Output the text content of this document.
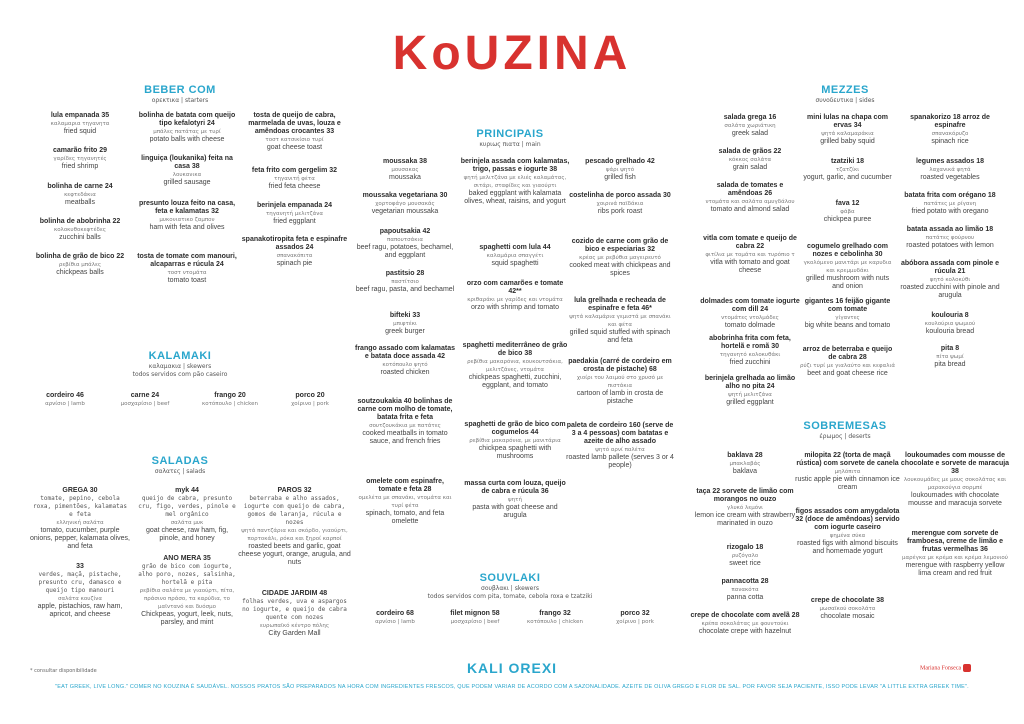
KoUZINA
BEBER COM
ορεκτικα | starters
KALAMAKI
καλαμακια | skewers
todos servidos com pão caseiro
SALADAS
σαλατες | salads
PRINCIPAIS
κυριως πιατα | main
SOUVLAKI
σουβλακι | skewers
todos servidos com pita, tomate, cebola roxa e tzatziki
MEZZES
συνοδευτικα | sides
SOBREMESAS
έρωμος | deserts
lula empanada 35
καλαμαρια τηγανητα
fried squid
camarão frito 29
γαρίδες τηγανητές
fried shrimp
bolinha de carne 24
κεφτεδάκια
meatballs
bolinha de abobrinha 22
κολοκυθοκεφτέδες
zucchini balls
bolinha de grão de bico 22
ρεβίθια μπάλες
chickpeas balls
bolinha de batata com queijo tipo kefalotyri 24
μπάλες πατάτας με τυρί
potato balls with cheese
linguiça (loukanika) feita na casa 38
λουκανικα
grilled sausage
presunto louza feito na casa, feta e kalamatas 32
μυκονιατικο ζαμπον
ham with feta and olives
tosta de tomate com manouri, alcaparras e rúcula 24
τοστ ντομάτα
tomato toast
tosta de queijo de cabra, marmelada de uvas, louza e amêndoas crocantes 33
τοστ κατσικίσιο τυρί
goat cheese toast
feta frito com gergelim 32
τηγανιτή φέτα
fried feta cheese
berinjela empanada 24
τηγανητή μελιτζάνα
fried eggplant
spanakotiropita feta e espinafre assados 24
σπανακόπιτα
spinach pie
cordeiro 46
αρνίσιο | lamb
carne 24
μοσχαρίσιο | beef
frango 20
κοτόπουλο | chicken
porco 20
χοίρινο | pork
GREGA 30
tomate, pepino, cebola roxa, pimentões, kalamatas e feta
ελληνική σαλάτα
tomato, cucumber, purple onions, pepper, kalamata olives, and feta
33
verdes, maçã, pistache, presunto cru, damasco e queijo tipo manouri
σαλάτα κουζίνα
apple, pistachios, raw ham, apricot, and cheese
myk 44
queijo de cabra, presunto cru, figo, verdes, pinole e mel orgânico
σαλάτα μυκ
goat cheese, raw ham, fig, pinole, and honey
ANO MERA 35
grão de bico com iogurte, alho poro, nozes, salsinha, hortelã e pita
ρεβίθια σαλάτα με γιαούρτι, πίτα, πράσινο πράσο, τα καρύδια, το μαϊντανό και δυόσμο
Chickpeas, yogurt, leek, nuts, parsley, and mint
PAROS 32
beterraba e alho assados, iogurte com queijo de cabra, gomos de laranja, rúcula e nozes
ψητά παντζάρια και σκόρδο, γιαούρτι, πορτοκάλι, ρόκα και ξηροί καρποί
roasted beets and garlic, goat cheese yogurt, orange, arugula, and nuts
CIDADE JARDIM 48
folhas verdes, uva e aspargos no iogurte, e queijo de cabra quente com nozes
ευρωπαϊκό κέντρο πόλης
City Garden Mall
moussaka 38
μουσακας
moussaka
moussaka vegetariana 30
χορτοφάγο μουσακάς
vegetarian moussaka
papoutsakia 42
παπουτσάκια
beef ragu, potatoes, bechamel, and eggplant
pastitsio 28
παστίτσιο
beef ragu, pasta, and bechamel
bifteki 33
μπιφτέκι
greek burger
frango assado com kalamatas e batata doce assada 42
κοτόπουλο ψητό
roasted chicken
soutzoukakia 40 bolinhas de carne com molho de tomate, batata frita e feta
σουτζουκάκια με πατάτες
cooked meatballs in tomato sauce, and french fries
omelete com espinafre, tomate e feta 28
ομελέτα με σπανάκι, ντομάτα και τυρί φέτα
spinach, tomato, and feta omelette
berinjela assada com kalamatas, trigo, passas e iogurte 38
ψητή μελιτζάνα με ελιές καλαμάτας, σιτάρι, σταφίδες και γιαούρτι
baked eggplant with kalamata olives, wheat, raisins, and yogurt
spaghetti com lula 44
καλαμάρια σπαγγέτι
squid spaghetti
orzo com camarões e tomate 42**
κριθαράκι με γαρίδες και ντομάτα
orzo with shrimp and tomato
spaghetti mediterrâneo de grão de bico 38
ρεβίθια μακαρόνια, κουκουτσάκια, μελιτζάνες, ντομάτα
chickpeas spaghetti, zucchini, eggplant, and tomato
spaghetti de grão de bico com cogumelos 44
ρεβίθια μακαρόνια, με μανιτάρια
chickpea spaghetti with mushrooms
massa curta com louza, queijo de cabra e rúcula 36
ψητή
pasta with goat cheese and arugula
pescado grelhado 42
ψάρι ψητό
grilled fish
costelinha de porco assada 30
χοιρινά παϊδάκια
ribs pork roast
cozido de carne com grão de bico e especiarias 32
κρέας με ρεβύθια μαγειρευτό
cooked meat with chickpeas and spices
lula grelhada e recheada de espinafre e feta 46*
ψητά καλαμάρια γεμιστά με σπανάκι και φέτα
grilled squid stuffed with spinach and feta
paedakia (carré de cordeiro em crosta de pistache) 68
χιοίρι του λαιμού στο χρυσό με πιστάκια
cartoon of lamb in crosta de pistache
paleta de cordeiro 160 (serve de 3 a 4 pessoas) com batatas e azeite de alho assado
ψητό αρνί παλέτα
roasted lamb pallete (serves 3 or 4 people)
cordeiro 68
αρνίσιο | lamb
filet mignon 58
μοσχαρίσιο | beef
frango 32
κοτόπουλο | chicken
porco 32
χοίρινο | pork
salada grega 16
σαλάτα χωριάτικη
greek salad
salada de grãos 22
κόκκος σαλάτα
grain salad
salada de tomates e amêndoas 26
ντομάτα και σαλάτα αμυγδάλου
tomato and almond salad
vitla com tomate e queijo de cabra 22
φιτίλια με τομάτα και τυρόπιο τ
vitla with tomato and goat cheese
dolmades com tomate iogurte com dill 24
ντομάτες ντολμάδες
tomato dolmade
abobrinha frita com feta, hortelã e romã 30
τηγανητό κολοκυθάκι
fried zucchini
berinjela grelhada ao limão alho no pita 24
ψητή μελιτζάνα
grilled eggplant
mini lulas na chapa com ervas 34
ψητά καλαμαράκια
grilled baby squid
tzatziki 18
τζατζίκι
yogurt, garlic, and cucumber
fava 12
φάβα
chickpea puree
cogumelo grelhado com nozes e cebolinha 30
γκολόμενο μανιτάρι με καρυδια και κρεμμυδάκι
grilled mushroom with nuts and onion
gigantes 16 feijão gigante com tomate
γίγαντες
big white beans and tomato
arroz de beterraba e queijo de cabra 28
ρύζι τυρί με γιαλαύτο και κεφαλιά
beet and goat cheese rice
spanakorizo 18 arroz de espinafre
σπανακόρυζο
spinach rice
legumes assados 18
λαχανικά ψητά
roasted vegetables
batata frita com orégano 18
πατάτες με ρίγανη
fried potato with oregano
batata assada ao limão 18
πατάτες φούρνου
roasted potatoes with lemon
abóbora assada com pinole e rúcula 21
ψητό κολοκύθι
roasted zucchini with pinole and arugula
koulouria 8
κουλούρια ψωμιού
koulouria bread
pita 8
πίτα ψωμί
pita bread
baklava 28
μπακλαβάς
baklava
taça 22 sorvete de limão com morangos no ouzo
γλυκό λεμόνι
lemon ice cream with strawberry marinated in ouzo
rizogalo 18
ρυζόγαλο
sweet rice
pannacotta 28
πανακότα
panna cotta
crepe de chocolate com avelã 28
κρέπα σοκολάτας με φουντούκι
chocolate crepe with hazelnut
milopita 22 (torta de maçã rústica) com sorvete de canela
μηλόπιτα
rustic apple pie with cinnamon ice cream
figos assados com amygdalota 32 (doce de amêndoas) servido com iogurte caseiro
ψημένα σύκα
roasted figs with almond biscuits and homemade yogurt
crepe de chocolate 38
μωσαϊκού σοκολάτα
chocolate mosaic
loukoumades com mousse de chocolate e sorvete de maracuja 38
λουκουμάδες με μους σοκολάτας και μαρακούγια σορμπέ
loukoumades with chocolate mousse and maracuja sorvete
merengue com sorvete de framboesa, creme de limão e frutas vermelhas 36
μαρέγκα με κρέμα και κρέμα λεμονιού
merengue with raspberry yellow lima cream and red fruit
KALI OREXI
* consultar disponibilidade	Mariana Fonseca
"EAT GREEK, LIVE LONG." COMER NO KOUZINA É SAUDÁVEL. NOSSOS PRATOS SÃO PREPARADOS NA HORA COM INGREDIENTES FRESCOS, QUE PODEM VARIAR DE ACORDO COM A SAZONALIDADE. AZEITE DE OLIVA GREGO E FLOR DE SAL. POR FAVOR SEJA PACIENTE, ISSO PODE LEVAR "A LITTLE EXTRA GREEK TIME".
